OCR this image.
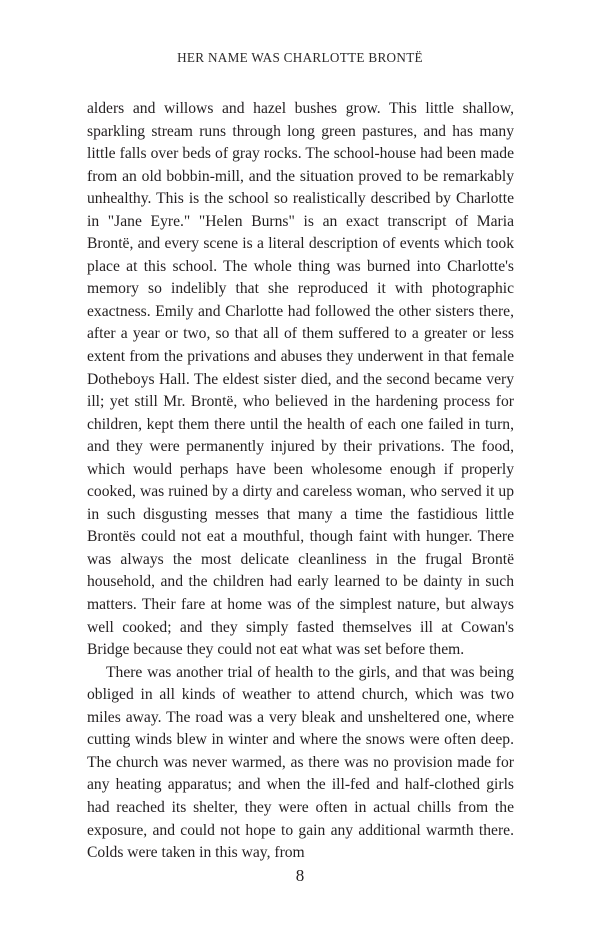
HER NAME WAS CHARLOTTE BRONTË

alders and willows and hazel bushes grow. This little shallow, sparkling stream runs through long green pastures, and has many little falls over beds of gray rocks. The school-house had been made from an old bobbin-mill, and the situation proved to be remarkably unhealthy. This is the school so realistically described by Charlotte in "Jane Eyre." "Helen Burns" is an exact transcript of Maria Brontë, and every scene is a literal description of events which took place at this school. The whole thing was burned into Charlotte's memory so indelibly that she reproduced it with photographic exactness. Emily and Charlotte had followed the other sisters there, after a year or two, so that all of them suffered to a greater or less extent from the privations and abuses they underwent in that female Dotheboys Hall. The eldest sister died, and the second became very ill; yet still Mr. Brontë, who believed in the hardening process for children, kept them there until the health of each one failed in turn, and they were permanently injured by their privations. The food, which would perhaps have been wholesome enough if properly cooked, was ruined by a dirty and careless woman, who served it up in such disgusting messes that many a time the fastidious little Brontës could not eat a mouthful, though faint with hunger. There was always the most delicate cleanliness in the frugal Brontë household, and the children had early learned to be dainty in such matters. Their fare at home was of the simplest nature, but always well cooked; and they simply fasted themselves ill at Cowan's Bridge because they could not eat what was set before them.

There was another trial of health to the girls, and that was being obliged in all kinds of weather to attend church, which was two miles away. The road was a very bleak and unsheltered one, where cutting winds blew in winter and where the snows were often deep. The church was never warmed, as there was no provision made for any heating apparatus; and when the ill-fed and half-clothed girls had reached its shelter, they were often in actual chills from the exposure, and could not hope to gain any additional warmth there. Colds were taken in this way, from

8
